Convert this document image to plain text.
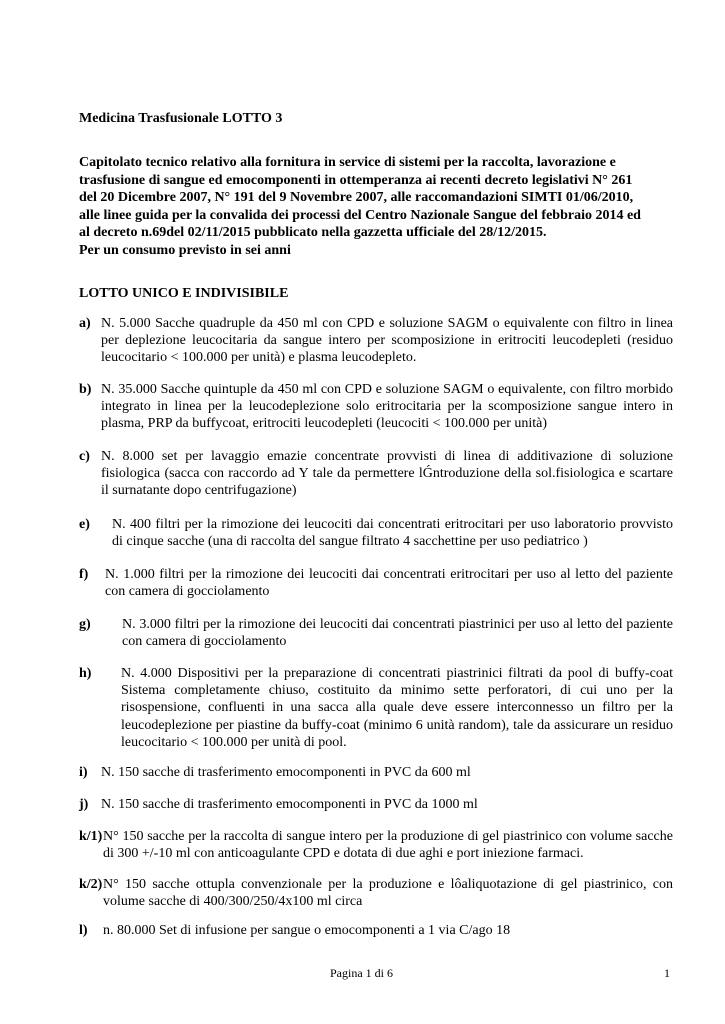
Medicina Trasfusionale LOTTO 3
Capitolato tecnico relativo alla fornitura in service di sistemi per la raccolta, lavorazione e
trasfusione di sangue ed emocomponenti in ottemperanza ai recenti decreto legislativi N° 261
del 20 Dicembre 2007, N° 191 del 9 Novembre 2007, alle raccomandazioni SIMTI 01/06/2010,
alle linee guida per la convalida dei processi del Centro Nazionale Sangue del febbraio 2014 ed
al decreto n.69del 02/11/2015 pubblicato nella gazzetta ufficiale del 28/12/2015.
Per un consumo previsto in sei anni
LOTTO UNICO E INDIVISIBILE
a) N. 5.000 Sacche quadruple da 450 ml con CPD e soluzione SAGM o equivalente con filtro in linea per deplezione leucocitaria da sangue intero per scomposizione in eritrociti leucodepleti (residuo leucocitario < 100.000 per unità) e plasma leucodepleto.
b) N. 35.000 Sacche quintuple da 450 ml con CPD e soluzione SAGM o equivalente, con filtro morbido integrato in linea per la leucodeplezione solo eritrocitaria per la scomposizione sangue intero in plasma, PRP da buffycoat, eritrociti leucodepleti (leucociti < 100.000 per unità)
c) N. 8.000 set per lavaggio emazie concentrate provvisti di linea di additivazione di soluzione fisiologica (sacca con raccordo ad Y tale da permettere lǴntroduzione della sol.fisiologica e scartare il surnatante dopo centrifugazione)
e)	N. 400 filtri per la rimozione dei leucociti dai concentrati eritrocitari per uso laboratorio provvisto di cinque sacche (una di raccolta del sangue filtrato 4 sacchettine per uso pediatrico )
f)	N. 1.000 filtri per la rimozione dei leucociti dai concentrati eritrocitari per uso al letto del paziente con camera di gocciolamento
g)	N. 3.000 filtri per la rimozione dei leucociti dai concentrati piastrinici per uso al letto del paziente con camera di gocciolamento
h)	N. 4.000 Dispositivi per la preparazione di concentrati piastrinici filtrati da pool di buffy-coat Sistema completamente chiuso, costituito da minimo sette perforatori, di cui uno per la risospensione, confluenti in una sacca alla quale deve essere interconnesso un filtro per la leucodeplezione per piastine da buffy-coat (minimo 6 unità random), tale da assicurare un residuo leucocitario < 100.000 per unità di pool.
i) N. 150 sacche di trasferimento emocomponenti in PVC da 600 ml
j) N. 150 sacche di trasferimento emocomponenti in PVC da 1000 ml
k/1) N° 150 sacche per la raccolta di sangue intero per la produzione di gel piastrinico con volume sacche di 300 +/-10 ml con anticoagulante CPD e dotata di due aghi e port iniezione farmaci.
k/2) N° 150 sacche ottupla convenzionale per la produzione e lôaliquotazione di gel piastrinico, con volume sacche di 400/300/250/4x100 ml circa
l)	n. 80.000 Set di infusione per sangue o emocomponenti a 1 via C/ago 18
Pagina 1 di 6	1
